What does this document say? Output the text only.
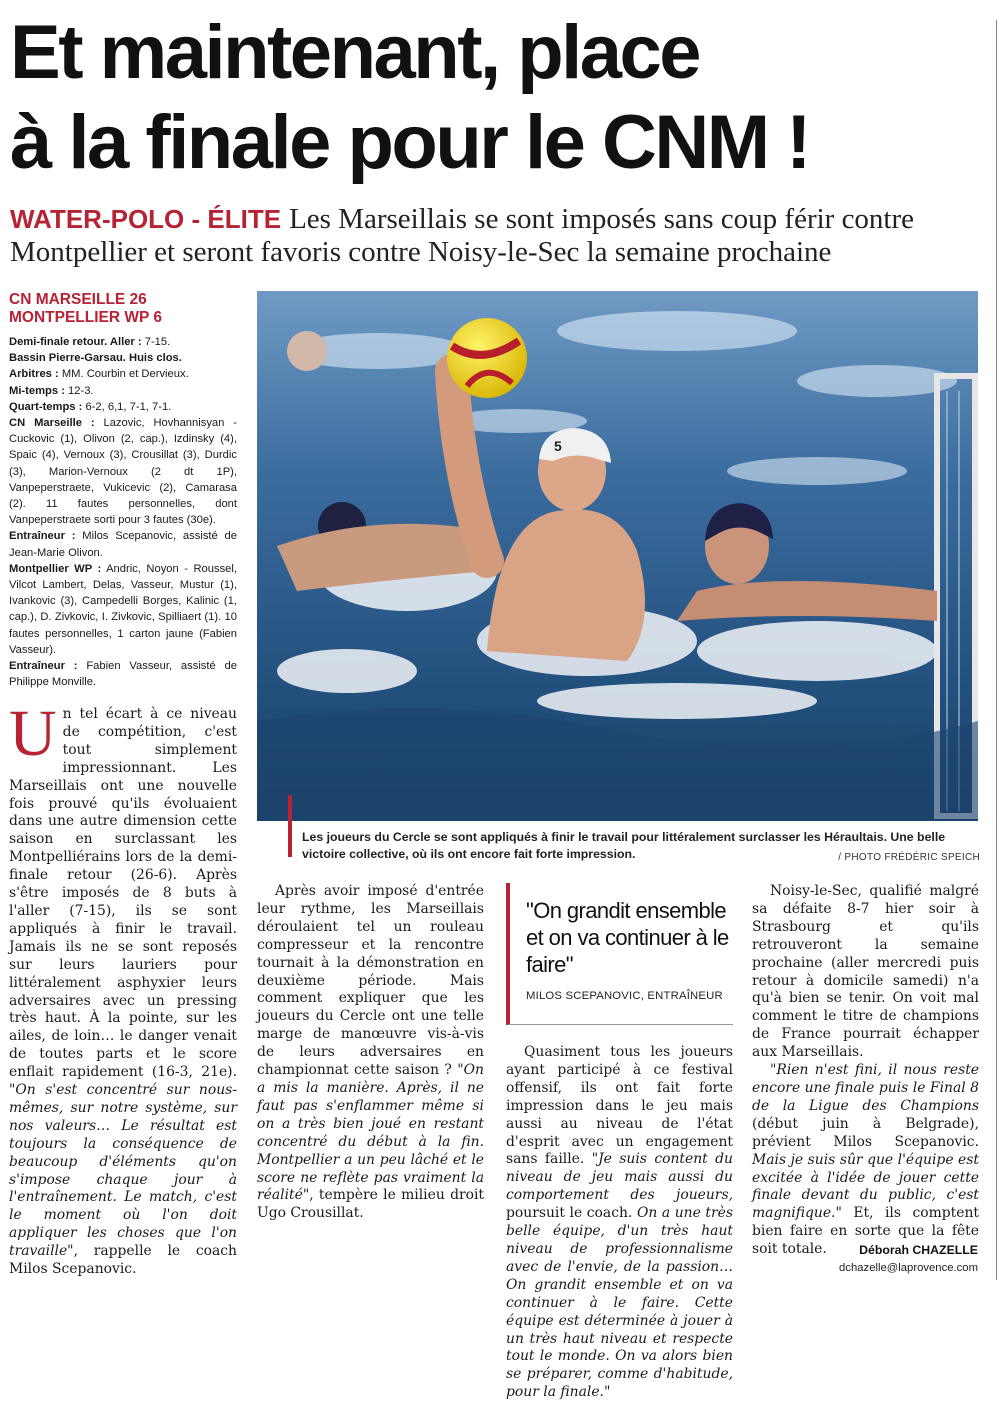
Et maintenant, place
à la finale pour le CNM !

WATER-POLO - ÉLITE Les Marseillais se sont imposés sans coup férir contre Montpellier et seront favoris contre Noisy-le-Sec la semaine prochaine

CN MARSEILLE 26
MONTPELLIER WP 6

Demi-finale retour. Aller : 7-15.

Bassin Pierre-Garsau. Huis clos.

Arbitres : MM. Courbin et Dervieux.

Mi-temps : 12-3.

Quart-temps : 6-2, 6,1, 7-1, 7-1.

CN Marseille : Lazovic, Hovhannisyan - Cuckovic (1), Olivon (2, cap.), Izdinsky (4), Spaic (4), Vernoux (3), Crousillat (3), Durdic (3), Marion-Vernoux (2 dt 1P), Vanpeperstraete, Vukicevic (2), Camarasa (2). 11 fautes personnelles, dont Vanpeperstraete sorti pour 3 fautes (30e).

Entraîneur : Milos Scepanovic, assisté de Jean-Marie Olivon.

Montpellier WP : Andric, Noyon - Roussel, Vilcot Lambert, Delas, Vasseur, Mustur (1), Ivankovic (3), Campedelli Borges, Kalinic (1, cap.), D. Zivkovic, I. Zivkovic, Spilliaert (1). 10 fautes personnelles, 1 carton jaune (Fabien Vasseur).

Entraîneur : Fabien Vasseur, assisté de Philippe Monville.

5
Les joueurs du Cercle se sont appliqués à finir le travail pour littéralement surclasser les Héraultais. Une belle victoire collective, où ils ont encore fait forte impression.	/ PHOTO FRÉDÉRIC SPEICH
U n tel écart à ce niveau de compétition, c'est tout simplement impressionnant. Les Marseillais ont une nouvelle fois prouvé qu'ils évoluaient dans une autre dimension cette saison en surclassant les Montpelliérains lors de la demi-finale retour (26-6). Après s'être imposés de 8 buts à l'aller (7-15), ils se sont appliqués à finir le travail. Jamais ils ne se sont reposés sur leurs lauriers pour littéralement asphyxier leurs adversaires avec un pressing très haut. À la pointe, sur les ailes, de loin… le danger venait de toutes parts et le score enflait rapidement (16-3, 21e). "On s'est concentré sur nous-mêmes, sur notre système, sur nos valeurs… Le résultat est toujours la conséquence de beaucoup d'éléments qu'on s'impose chaque jour à l'entraînement. Le match, c'est le moment où l'on doit appliquer les choses que l'on travaille", rappelle le coach Milos Scepanovic.

Après avoir imposé d'entrée leur rythme, les Marseillais déroulaient tel un rouleau compresseur et la rencontre tournait à la démonstration en deuxième période. Mais comment expliquer que les joueurs du Cercle ont une telle marge de manœuvre vis-à-vis de leurs adversaires en championnat cette saison ? "On a mis la manière. Après, il ne faut pas s'enflammer même si on a très bien joué en restant concentré du début à la fin. Montpellier a un peu lâché et le score ne reflète pas vraiment la réalité", tempère le milieu droit Ugo Crousillat.

"On grandit ensemble et on va continuer à le faire"

MILOS SCEPANOVIC, ENTRAÎNEUR

Quasiment tous les joueurs ayant participé à ce festival offensif, ils ont fait forte impression dans le jeu mais aussi au niveau de l'état d'esprit avec un engagement sans faille. "Je suis content du niveau de jeu mais aussi du comportement des joueurs, poursuit le coach. On a une très belle équipe, d'un très haut niveau de professionnalisme avec de l'envie, de la passion… On grandit ensemble et on va continuer à le faire. Cette équipe est déterminée à jouer à un très haut niveau et respecte tout le monde. On va alors bien se préparer, comme d'habitude, pour la finale."

Noisy-le-Sec, qualifié malgré sa défaite 8-7 hier soir à Strasbourg et qu'ils retrouveront la semaine prochaine (aller mercredi puis retour à domicile samedi) n'a qu'à bien se tenir. On voit mal comment le titre de champions de France pourrait échapper aux Marseillais.

"Rien n'est fini, il nous reste encore une finale puis le Final 8 de la Ligue des Champions (début juin à Belgrade), prévient Milos Scepanovic. Mais je suis sûr que l'équipe est excitée à l'idée de jouer cette finale devant du public, c'est magnifique." Et, ils comptent bien faire en sorte que la fête soit totale.	Déborah CHAZELLE
dchazelle@laprovence.com
